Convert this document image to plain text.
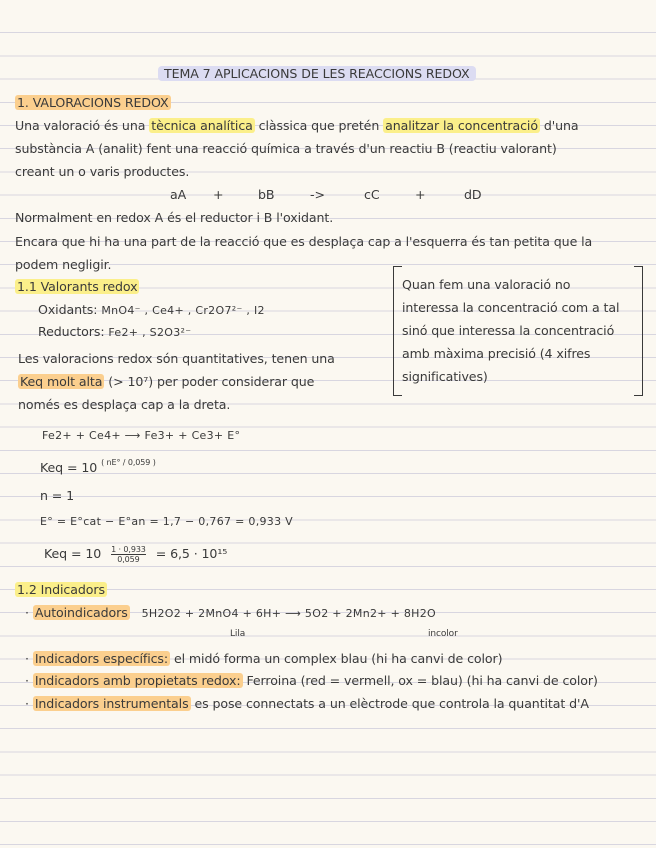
TEMA 7 APLICACIONS DE LES REACCIONS REDOX
1. VALORACIONS REDOX
Una valoració és una tècnica analítica clàssica que pretén analitzar la concentració d'una
substància A (analit) fent una reacció química a través d'un reactiu B (reactiu valorant)
creant un o varis productes.
aA +	bB	->	cC	+	dD
Normalment en redox A és el reductor i B l'oxidant.
Encara que hi ha una part de la reacció que es desplaça cap a l'esquerra és tan petita que la
podem negligir.
1.1 Valorants redox
Oxidants: MnO4⁻ , Ce4+ , Cr2O7²⁻ , I2
Reductors: Fe2+ , S2O3²⁻
Les valoracions redox són quantitatives, tenen una
Keq molt alta (> 10⁷) per poder considerar que
només es desplaça cap a la dreta.
Quan fem una valoració no
interessa la concentració com a tal
sinó que interessa la concentració
amb màxima precisió (4 xifres
significatives)
Fe2+ + Ce4+ ⟶ Fe3+ + Ce3+ E°
Keq = 10 $^{( nE^\circ / 0,059 )}$
n = 1
E° = E°cat − E°an = 1,7 − 0,767 = 0,933 V
Keq = $10 \frac{1 \cdot 0,933}{0,059} = 6,5 \cdot 10^{15}$
1.2 Indicadors
· Autoindicadors 5H2O2 + 2MnO4 + 6H+ ⟶ 5O2 + 2Mn2+ + 8H2O
Lila	incolor
· Indicadors específics: el midó forma un complex blau (hi ha canvi de color)
· Indicadors amb propietats redox: Ferroina (red = vermell, ox = blau) (hi ha canvi de color)
· Indicadors instrumentals es pose connectats a un elèctrode que controla la quantitat d'A
